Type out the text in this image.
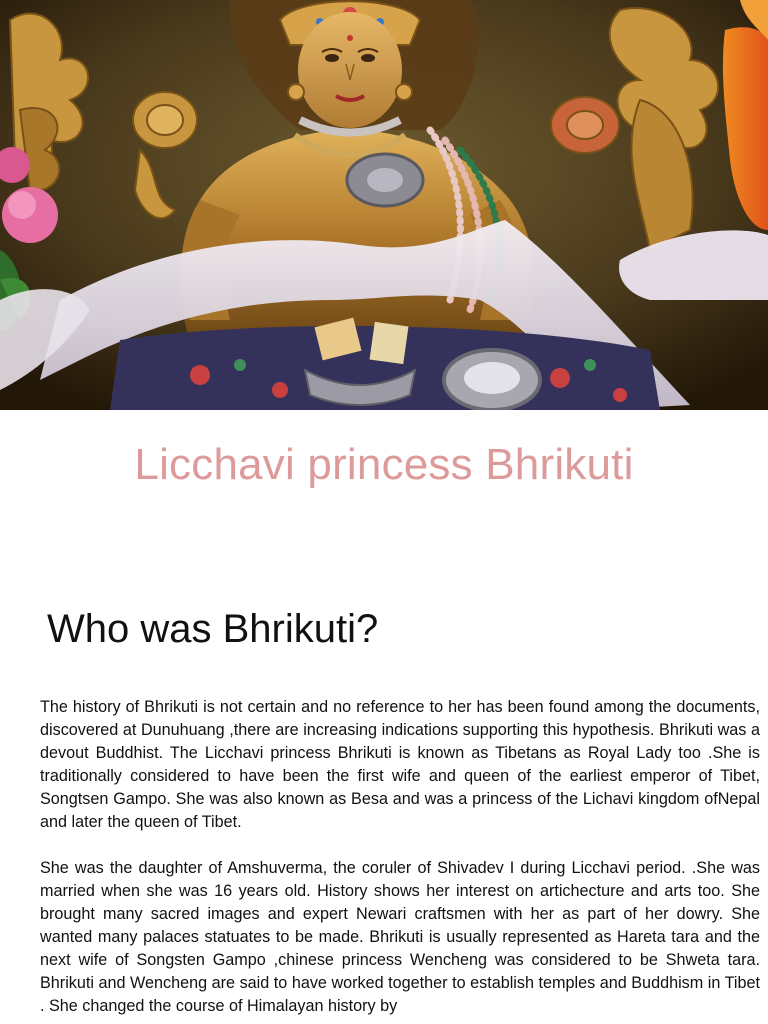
Licchavi princess Bhrikuti
Who was Bhrikuti?

The history of Bhrikuti is not certain and no reference to her has been found among the documents, discovered at Dunuhuang ,there are increasing indications supporting this hypothesis. Bhrikuti was a devout Buddhist. The Licchavi princess Bhrikuti is known as Tibetans as Royal Lady too .She is traditionally considered to have been the first wife and queen of the earliest emperor of Tibet, Songtsen Gampo. She was also known as Besa and was a princess of the Lichavi kingdom ofNepal and later the queen of Tibet.

She was the daughter of Amshuverma, the coruler of Shivadev I during Licchavi period. .She was married when she was 16 years old. History shows her interest on artichecture and arts too. She brought many sacred images and expert Newari craftsmen with her as part of her dowry. She wanted many palaces statuates to be made. Bhrikuti is usually represented as Hareta tara and the next wife of Songsten Gampo ,chinese princess Wencheng was considered to be Shweta tara. Bhrikuti and Wencheng are said to have worked together to establish temples and Buddhism in Tibet . She changed the course of Himalayan history by
